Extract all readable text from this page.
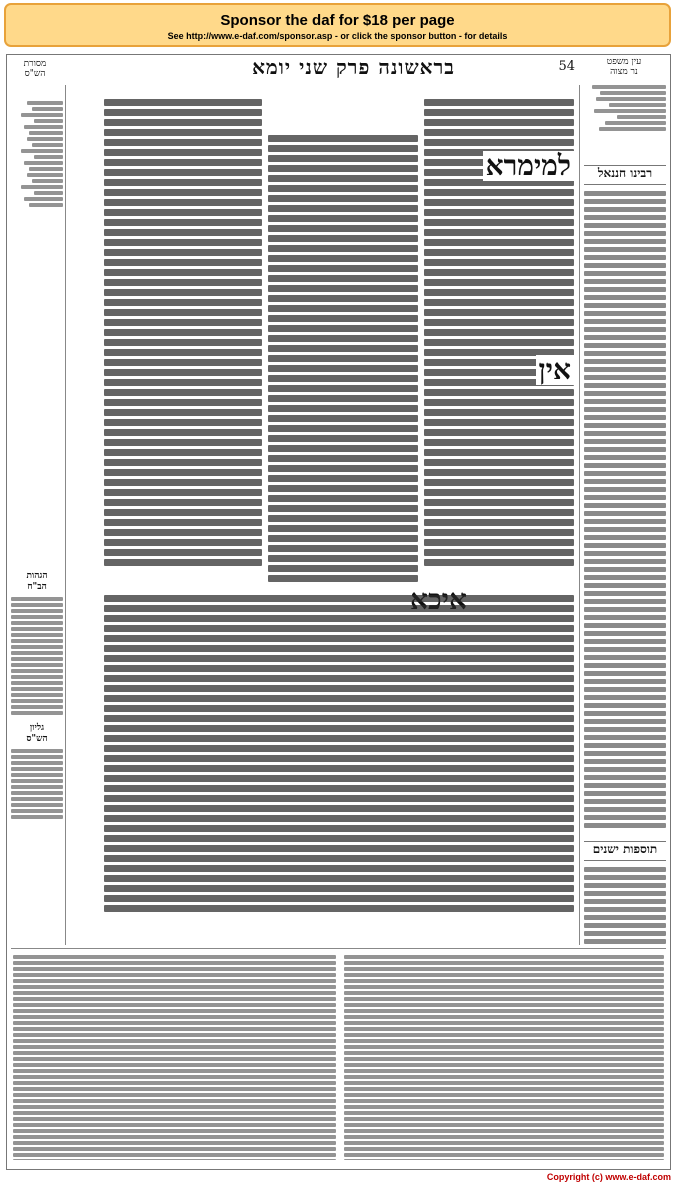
Sponsor the daf for $18 per page
See http://www.e-daf.com/sponsor.asp - or click the sponsor button - for details
עין משפט
נר מצוה
54
בראשונה פרק שני יומא
מסורת
הש"ס
רבינו חננאל
תוספות ישנים
למימרא
אין
הגהות
הב"ח
גליון
הש"ס
Copyright (c) www.e-daf.com
